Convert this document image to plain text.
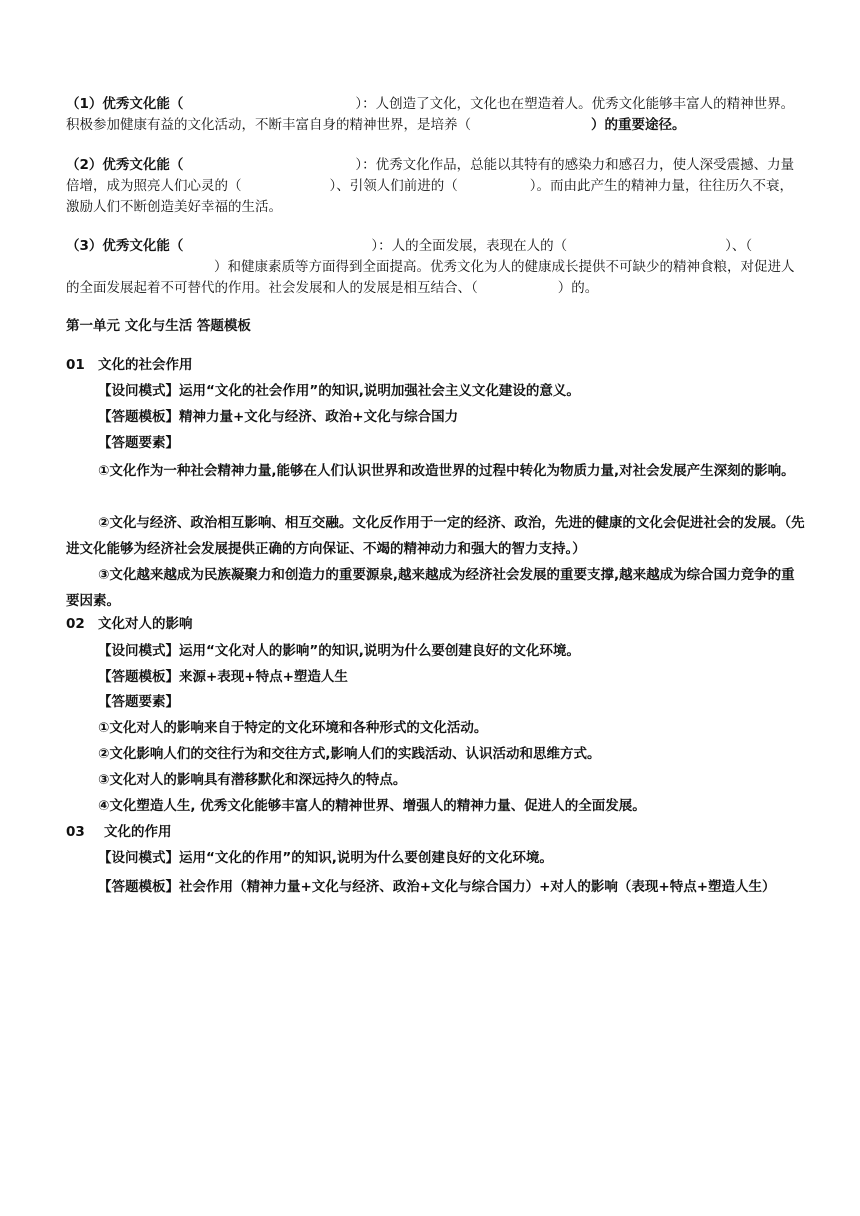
（1）优秀文化能（	）：人创造了文化，文化也在塑造着人。优秀文化能够丰富人的精神世界。积极参加健康有益的文化活动，不断丰富自身的精神世界，是培养（	）的重要途径。
（2）优秀文化能（	）：优秀文化作品，总能以其特有的感染力和感召力，使人深受震撼、力量倍增，成为照亮人们心灵的（	）、引领人们前进的（	）。而由此产生的精神力量，往往历久不衰，激励人们不断创造美好幸福的生活。
（3）优秀文化能（	）：人的全面发展，表现在人的（	）、（）和健康素质等方面得到全面提高。优秀文化为人的健康成长提供不可缺少的精神食粮，对促进人的全面发展起着不可替代的作用。社会发展和人的发展是相互结合、（	）的。
第一单元 文化与生活 答题模板
01 文化的社会作用
【设问模式】运用“文化的社会作用”的知识,说明加强社会主义文化建设的意义。
【答题模板】精神力量+文化与经济、政治+文化与综合国力
【答题要素】
①文化作为一种社会精神力量,能够在人们认识世界和改造世界的过程中转化为物质力量,对社会发展产生深刻的影响。
②文化与经济、政治相互影响、相互交融。文化反作用于一定的经济、政治，先进的健康的文化会促进社会的发展。（先进文化能够为经济社会发展提供正确的方向保证、不竭的精神动力和强大的智力支持。）
③文化越来越成为民族凝聚力和创造力的重要源泉,越来越成为经济社会发展的重要支撑,越来越成为综合国力竞争的重要因素。
02 文化对人的影响
【设问模式】运用“文化对人的影响”的知识,说明为什么要创建良好的文化环境。
【答题模板】来源+表现+特点+塑造人生
【答题要素】
①文化对人的影响来自于特定的文化环境和各种形式的文化活动。
②文化影响人们的交往行为和交往方式,影响人们的实践活动、认识活动和思维方式。
③文化对人的影响具有潜移默化和深远持久的特点。
④文化塑造人生, 优秀文化能够丰富人的精神世界、增强人的精神力量、促进人的全面发展。
03 文化的作用
【设问模式】运用“文化的作用”的知识,说明为什么要创建良好的文化环境。
【答题模板】社会作用（精神力量+文化与经济、政治+文化与综合国力）+对人的影响（表现+特点+塑造人生）
